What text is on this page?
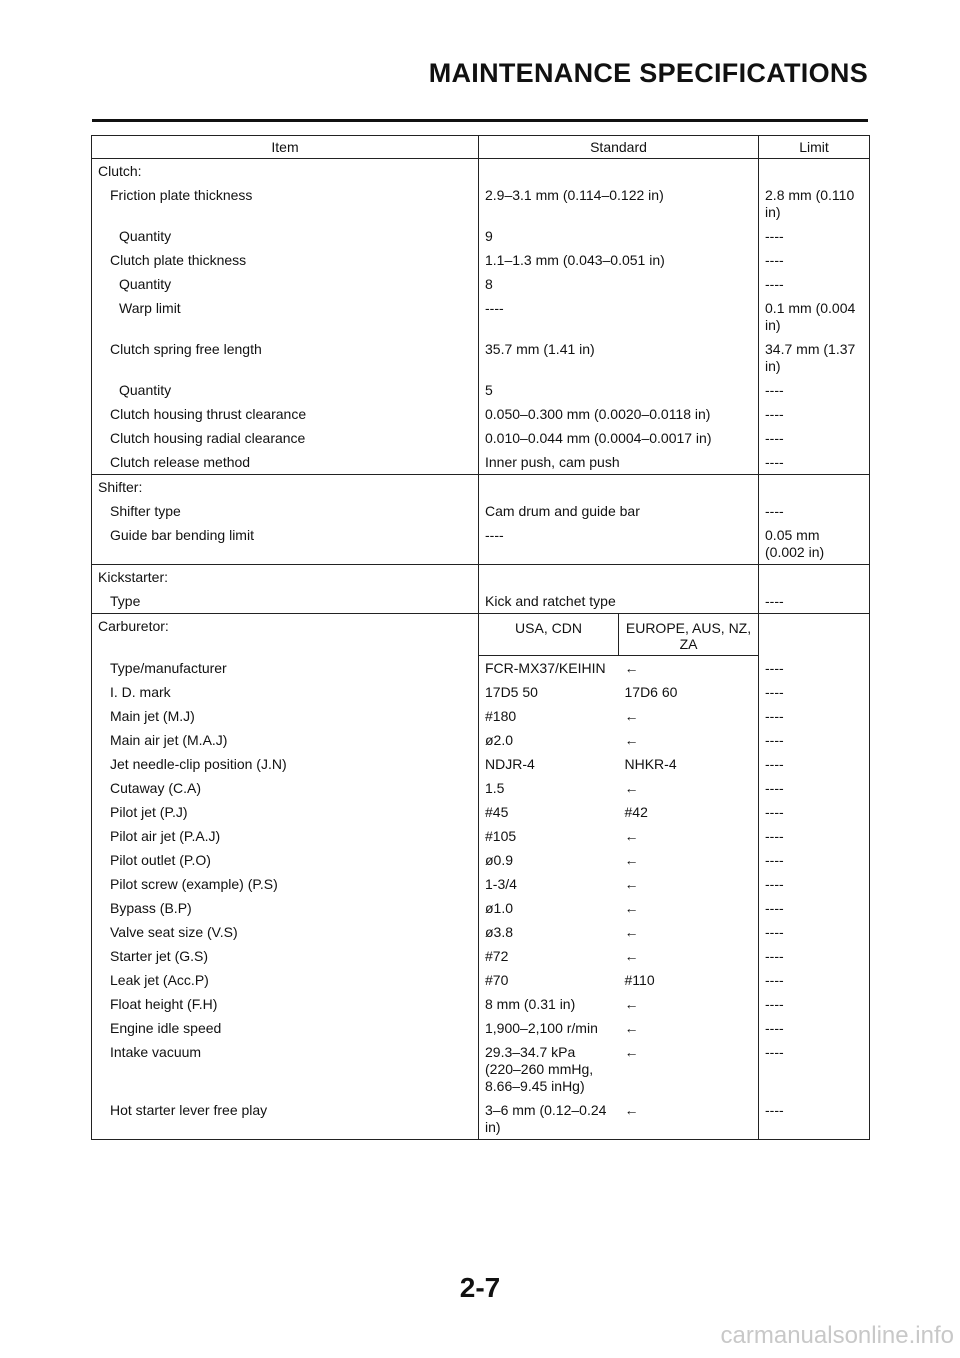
MAINTENANCE SPECIFICATIONS
Item	Standard		Limit
Clutch:			
Friction plate thickness	2.9–3.1 mm (0.114–0.122 in)		2.8 mm (0.110 in)
Quantity	9		----
Clutch plate thickness	1.1–1.3 mm (0.043–0.051 in)		----
Quantity	8		----
Warp limit	----		0.1 mm (0.004 in)
Clutch spring free length	35.7 mm (1.41 in)		34.7 mm (1.37 in)
Quantity	5		----
Clutch housing thrust clearance	0.050–0.300 mm (0.0020–0.0118 in)		----
Clutch housing radial clearance	0.010–0.044 mm (0.0004–0.0017 in)		----
Clutch release method	Inner push, cam push		----
Shifter:			
Shifter type	Cam drum and guide bar		----
Guide bar bending limit	----		0.05 mm (0.002 in)
Kickstarter:			
Type	Kick and ratchet type		----
Carburetor:	USA, CDN	EUROPE, AUS, NZ, ZA	
Type/manufacturer	FCR-MX37/KEIHIN	←	----
I. D. mark	17D5 50	17D6 60	----
Main jet (M.J)	#180	←	----
Main air jet (M.A.J)	ø2.0	←	----
Jet needle-clip position (J.N)	NDJR-4	NHKR-4	----
Cutaway (C.A)	1.5	←	----
Pilot jet (P.J)	#45	#42	----
Pilot air jet (P.A.J)	#105	←	----
Pilot outlet (P.O)	ø0.9	←	----
Pilot screw (example) (P.S)	1-3/4	←	----
Bypass (B.P)	ø1.0	←	----
Valve seat size (V.S)	ø3.8	←	----
Starter jet (G.S)	#72	←	----
Leak jet (Acc.P)	#70	#110	----
Float height (F.H)	8 mm (0.31 in)	←	----
Engine idle speed	1,900–2,100 r/min	←	----
Intake vacuum	29.3–34.7 kPa (220–260 mmHg, 8.66–9.45 inHg)	←	----
Hot starter lever free play	3–6 mm (0.12–0.24 in)	←	----
2-7
carmanualsonline.info
